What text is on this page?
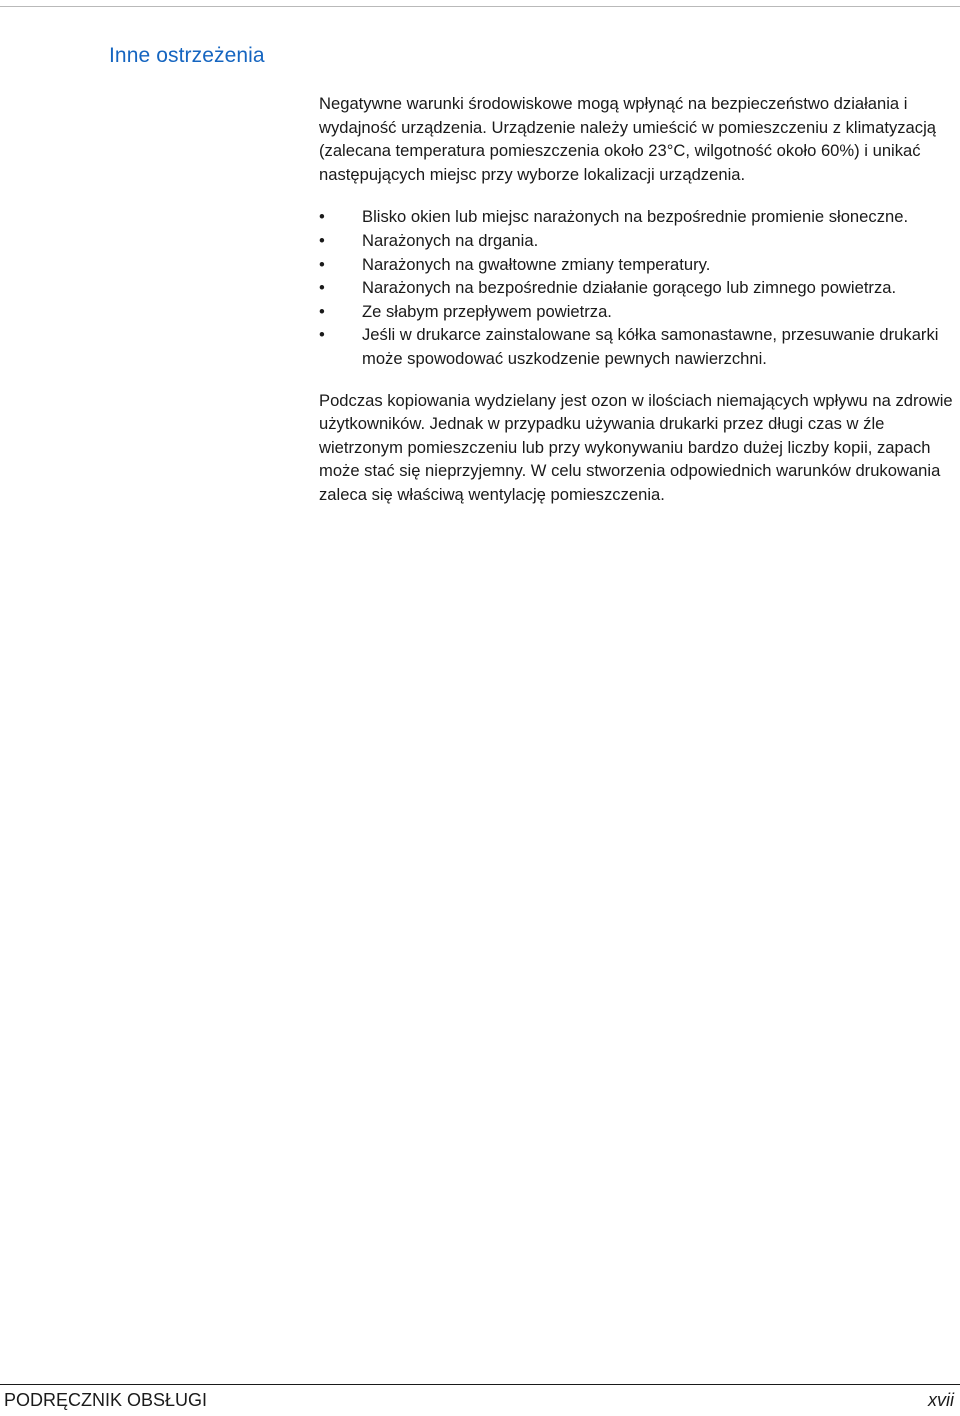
Inne ostrzeżenia

Negatywne warunki środowiskowe mogą wpłynąć na bezpieczeństwo działania i wydajność urządzenia. Urządzenie należy umieścić w pomieszczeniu z klimatyzacją (zalecana temperatura pomieszczenia około 23°C, wilgotność około 60%) i unikać następujących miejsc przy wyborze lokalizacji urządzenia.

•	Blisko okien lub miejsc narażonych na bezpośrednie promienie słoneczne.
•	Narażonych na drgania.
•	Narażonych na gwałtowne zmiany temperatury.
•	Narażonych na bezpośrednie działanie gorącego lub zimnego powietrza.
•	Ze słabym przepływem powietrza.
•	Jeśli w drukarce zainstalowane są kółka samonastawne, przesuwanie drukarki może spowodować uszkodzenie pewnych nawierzchni.

Podczas kopiowania wydzielany jest ozon w ilościach niemających wpływu na zdrowie użytkowników. Jednak w przypadku używania drukarki przez długi czas w źle wietrzonym pomieszczeniu lub przy wykonywaniu bardzo dużej liczby kopii, zapach może stać się nieprzyjemny. W celu stworzenia odpowiednich warunków drukowania zaleca się właściwą wentylację pomieszczenia.

PODRĘCZNIK OBSŁUGI	xvii
